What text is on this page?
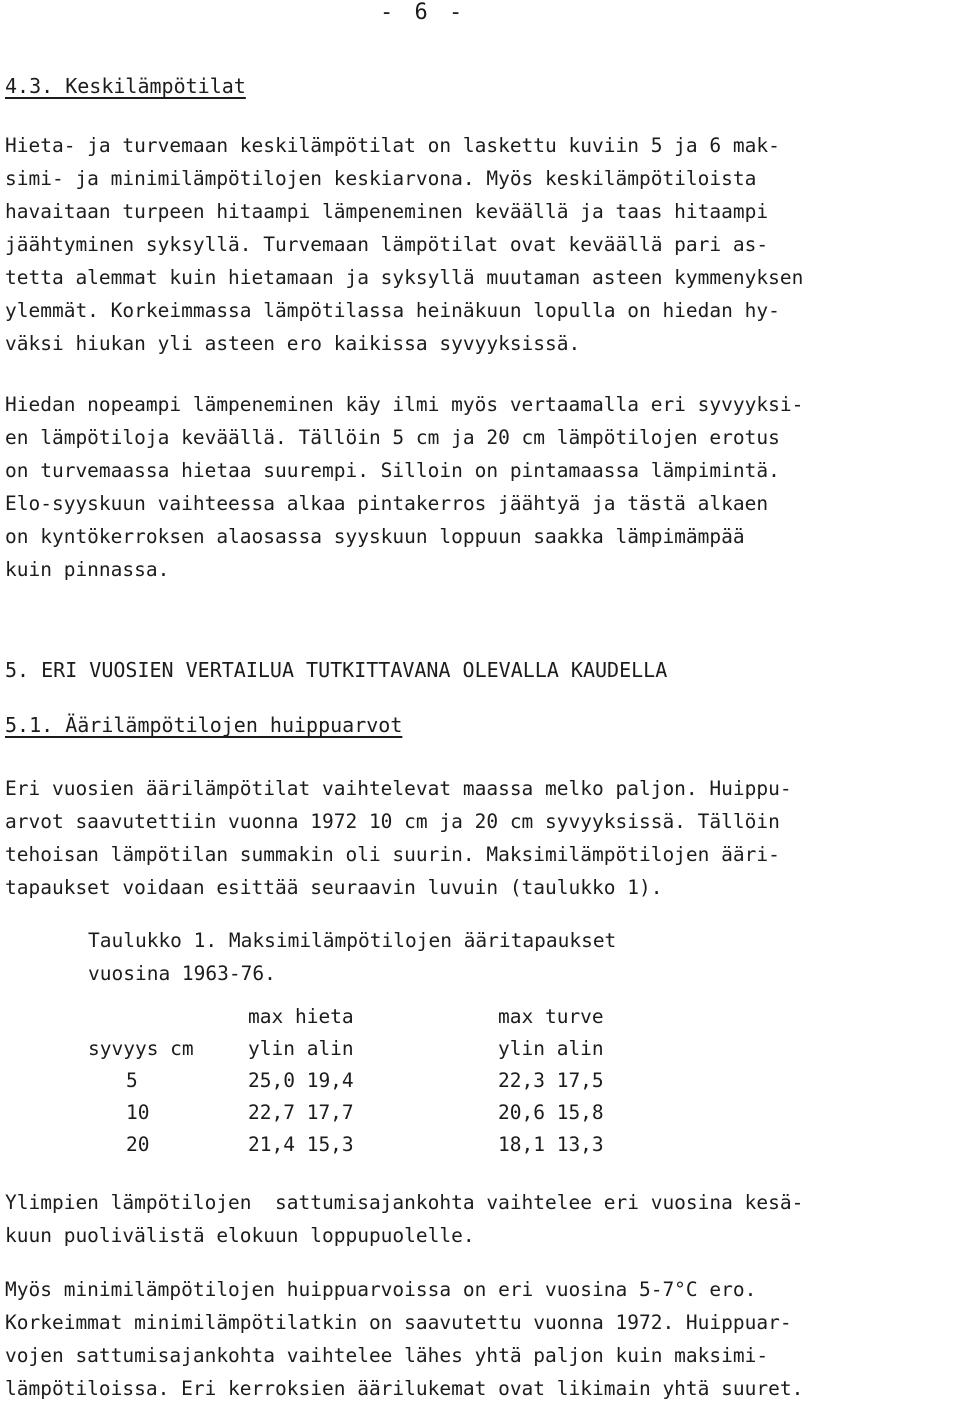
- 6 -
4.3. Keskilämpötilat
Hieta- ja turvemaan keskilämpötilat on laskettu kuviin 5 ja 6 mak-
simi- ja minimilämpötilojen keskiarvona. Myös keskilämpötiloista
havaitaan turpeen hitaampi lämpeneminen keväällä ja taas hitaampi
jäähtyminen syksyllä. Turvemaan lämpötilat ovat keväällä pari as-
tetta alemmat kuin hietamaan ja syksyllä muutaman asteen kymmenyksen
ylemmät. Korkeimmassa lämpötilassa heinäkuun lopulla on hiedan hy-
väksi hiukan yli asteen ero kaikissa syvyyksissä.
Hiedan nopeampi lämpeneminen käy ilmi myös vertaamalla eri syvyyksi-
en lämpötiloja keväällä. Tällöin 5 cm ja 20 cm lämpötilojen erotus
on turvemaassa hietaa suurempi. Silloin on pintamaassa lämpimintä.
Elo-syyskuun vaihteessa alkaa pintakerros jäähtyä ja tästä alkaen
on kyntökerroksen alaosassa syyskuun loppuun saakka lämpimämpää
kuin pinnassa.
5. ERI VUOSIEN VERTAILUA TUTKITTAVANA OLEVALLA KAUDELLA
5.1. Äärilämpötilojen huippuarvot
Eri vuosien äärilämpötilat vaihtelevat maassa melko paljon. Huippu-
arvot saavutettiin vuonna 1972 10 cm ja 20 cm syvyyksissä. Tällöin
tehoisan lämpötilan summakin oli suurin. Maksimilämpötilojen ääri-
tapaukset voidaan esittää seuraavin luvuin (taulukko 1).
Taulukko 1. Maksimilämpötilojen ääritapaukset
vuosina 1963-76.
	max hieta	max turve
syvyys cm	ylin alin	ylin alin
5	25,0 19,4	22,3 17,5
10	22,7 17,7	20,6 15,8
20	21,4 15,3	18,1 13,3
Ylimpien lämpötilojen  sattumisajankohta vaihtelee eri vuosina kesä-
kuun puolivälistä elokuun loppupuolelle.
Myös minimilämpötilojen huippuarvoissa on eri vuosina 5-7°C ero.
Korkeimmat minimilämpötilatkin on saavutettu vuonna 1972. Huippuar-
vojen sattumisajankohta vaihtelee lähes yhtä paljon kuin maksimi-
lämpötiloissa. Eri kerroksien äärilukemat ovat likimain yhtä suuret.
